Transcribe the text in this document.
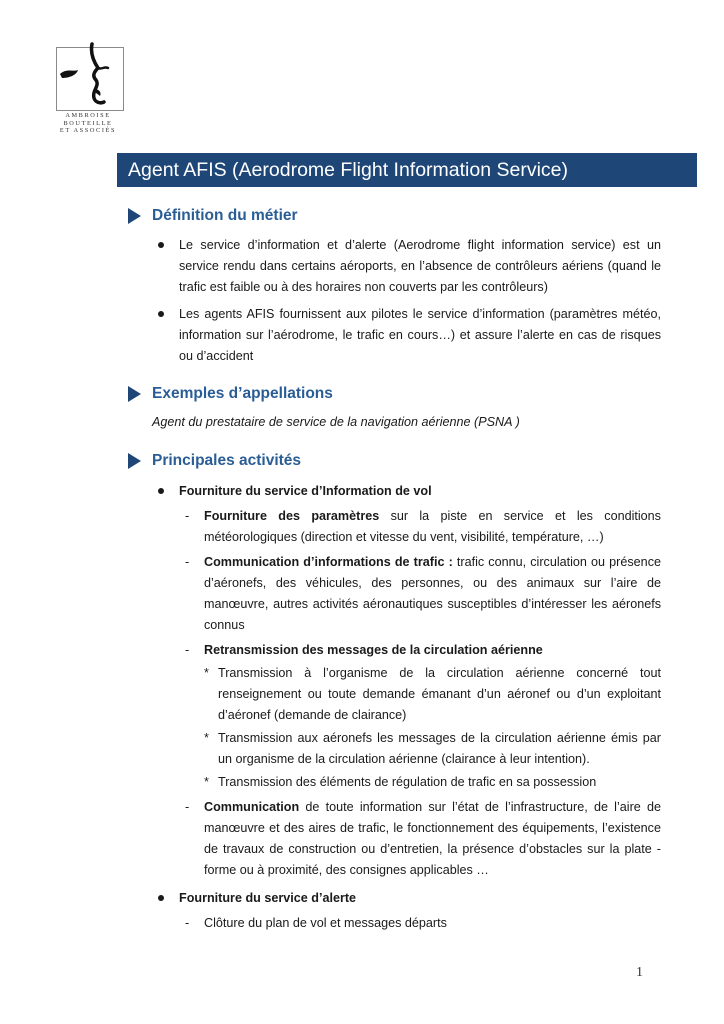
AMBROISE
BOUTEILLE
ET ASSOCIÉS
Agent AFIS (Aerodrome Flight Information Service)
Définition du métier
Le service d’information et d’alerte (Aerodrome flight information service) est un service rendu dans certains aéroports, en l’absence de contrôleurs aériens (quand le trafic est faible ou à des horaires non couverts par les contrôleurs)
Les agents AFIS fournissent aux pilotes le service d’information (paramètres météo, information sur l’aérodrome, le trafic en cours…) et assure l’alerte en cas de risques ou d’accident
Exemples d’appellations
Agent du prestataire de service de la navigation aérienne (PSNA )
Principales activités
Fourniture du service d’Information de vol
- Fourniture des paramètres sur la piste en service et les conditions météorologiques (direction et vitesse du vent, visibilité, température, …)
- Communication d’informations de trafic : trafic connu, circulation ou présence d’aéronefs, des véhicules, des personnes, ou des animaux sur l’aire de manœuvre, autres activités aéronautiques susceptibles d’intéresser les aéronefs connus
- Retransmission des messages de la circulation aérienne
* Transmission à l’organisme de la circulation aérienne concerné tout renseignement ou toute demande émanant d’un aéronef ou d’un exploitant d’aéronef (demande de clairance)
* Transmission aux aéronefs les messages de la circulation aérienne émis par un organisme de la circulation aérienne (clairance à leur intention).
* Transmission des éléments de régulation de trafic en sa possession
- Communication de toute information sur l’état de l’infrastructure, de l’aire de manœuvre et des aires de trafic, le fonctionnement des équipements, l’existence de travaux de construction ou d’entretien, la présence d’obstacles sur la plate - forme ou à proximité, des consignes applicables …
Fourniture du service d’alerte
- Clôture du plan de vol et messages départs
1
